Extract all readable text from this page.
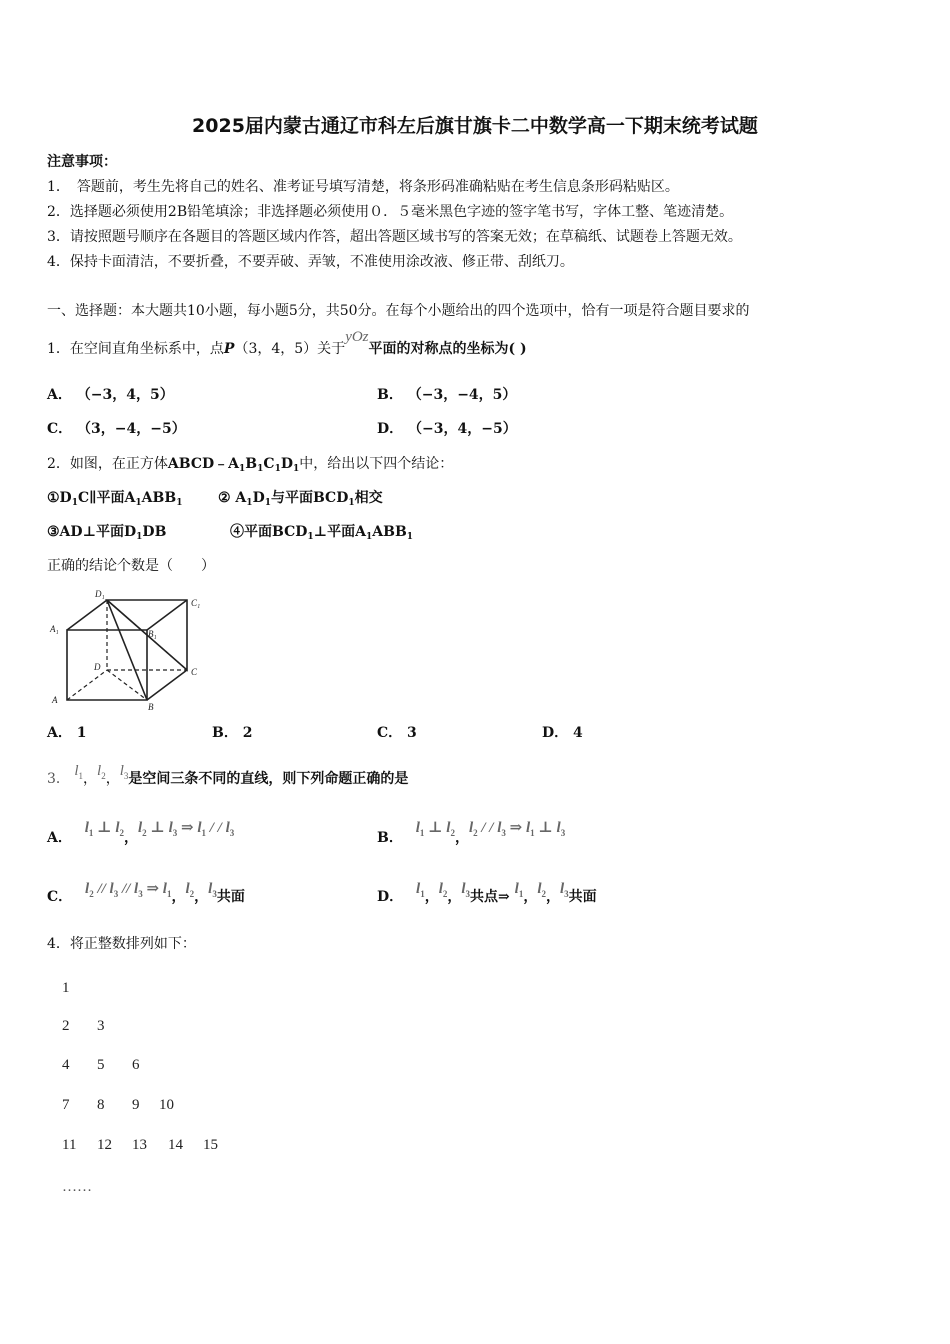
2025届内蒙古通辽市科左后旗甘旗卡二中数学高一下期末统考试题
注意事项：
1．　答题前，考生先将自己的姓名、准考证号填写清楚，将条形码准确粘贴在考生信息条形码粘贴区。
2．选择题必须使用2B铅笔填涂；非选择题必须使用０．５毫米黑色字迹的签字笔书写，字体工整、笔迹清楚。
3．请按照题号顺序在各题目的答题区域内作答，超出答题区域书写的答案无效；在草稿纸、试题卷上答题无效。
4．保持卡面清洁，不要折叠，不要弄破、弄皱，不准使用涂改液、修正带、刮纸刀。
一、选择题：本大题共10小题，每小题5分，共50分。在每个小题给出的四个选项中，恰有一项是符合题目要求的
1．在空间直角坐标系中，点P（3，4，5）关于yOz平面的对称点的坐标为( )
A． （−3，4，5）	B． （−3，−4，5）
C． （3，−4，−5）	D． （−3，4，−5）
2．如图，在正方体$ABCD﹣A_1B_1C_1D_1$中，给出以下四个结论：
$①D_1C\parallel$平面$A_1ABB_1$	② $A_1D_1$与平面$BCD_1$相交
③AD⊥平面$D_1DB$	④平面$BCD_1\perp$平面$A_1ABB_1$
正确的结论个数是（　　）
D₁
C₁
A₁	B₁
D	C
A
B
A． 1	B． 2	C． 3	D． 4
3． $l_1$，$l_2$，$l_3$是空间三条不同的直线，则下列命题正确的是
A． $l_1$ ⊥ $l_2$，$l_2$ ⊥ $l_3$ ⇒ $l_1$ / / $l_3$	B． $l_1$ ⊥ $l_2$，$l_2$ / / $l_3$ ⇒ $l_1$ ⊥ $l_3$
C． $l_2 // l_3 // l_3$ ⇒ $l_1$，$l_2$，$l_3$共面	D． $l_1$，$l_2$，$l_3$共点⇒ $l_1$，$l_2$，$l_3$共面
4．将正整数排列如下：
1
2 3
4 5 6
7 8 9 10
11 12 13 14 15
……
